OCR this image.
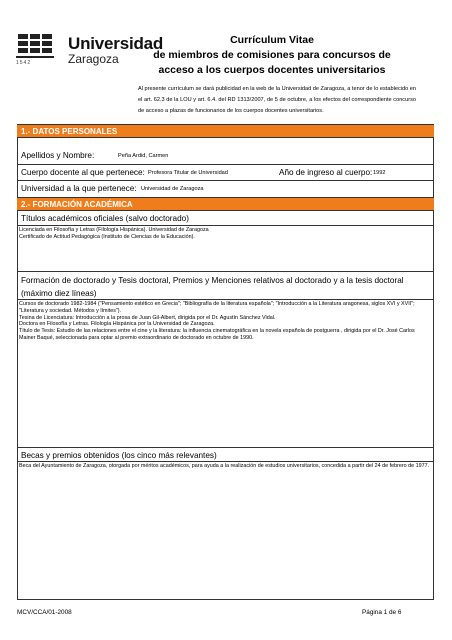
Universidad
Zaragoza
1542
Currículum Vitae
de miembros de comisiones para concursos de
acceso a los cuerpos docentes universitarios
Al presente currículum se dará publicidad en la web de la Universidad de Zaragoza, a tenor de lo establecido en el art. 62.3 de la LOU y art. 6.4. del RD 1313/2007, de 5 de octubre, a los efectos del correspondiente concurso de acceso a plazas de funcionarios de los cuerpos docentes universitarios.
1.- DATOS PERSONALES
Apellidos y Nombre:	Peña Ardid, Carmen
Cuerpo docente al que pertenece: Profesora Titular de Universidad	Año de ingreso al cuerpo: 1992
Universidad a la que pertenece: Universidad de Zaragoza
2.- FORMACIÓN ACADÉMICA
Títulos académicos oficiales (salvo doctorado)

Licenciada en Filosofía y Letras (Filología Hispánica). Universidad de Zaragoza

Certificado de Actitud Pedagógica (Instituto de Ciencias de la Educación).

Formación de doctorado y Tesis doctoral, Premios y Menciones relativos al doctorado y a la tesis doctoral
(máximo diez líneas)

Cursos de doctorado 1982-1984 ("Pensamiento estético en Grecia"; "Bibliografía de la literatura española"; "Introducción a la Literatura aragonesa, siglos XVI y XVII"; "Literatura y sociedad. Métodos y límites").

Tesina de Licenciatura: Introducción a la prosa de Juan Gil-Albert, dirigida por el Dr. Agustín Sánchez Vidal.

Doctora en Filosofía y Letras. Filología Hispánica por la Universidad de Zaragoza.

Título de Tesis: Estudio de las relaciones entre el cine y la literatura: la influencia cinematográfica en la novela española de postguerra , dirigida por el Dr. José Carlos Mainer Baqué, seleccionada para optar al premio extraordinario de doctorado en octubre de 1990.

Becas y premios obtenidos (los cinco más relevantes)

Beca del Ayuntamiento de Zaragoza, otorgada por méritos académicos, para ayuda a la realización de estudios universitarios, concedida a partir del 24 de febrero de 1977.

MCV/CCA/01-2008	Página 1 de 6
